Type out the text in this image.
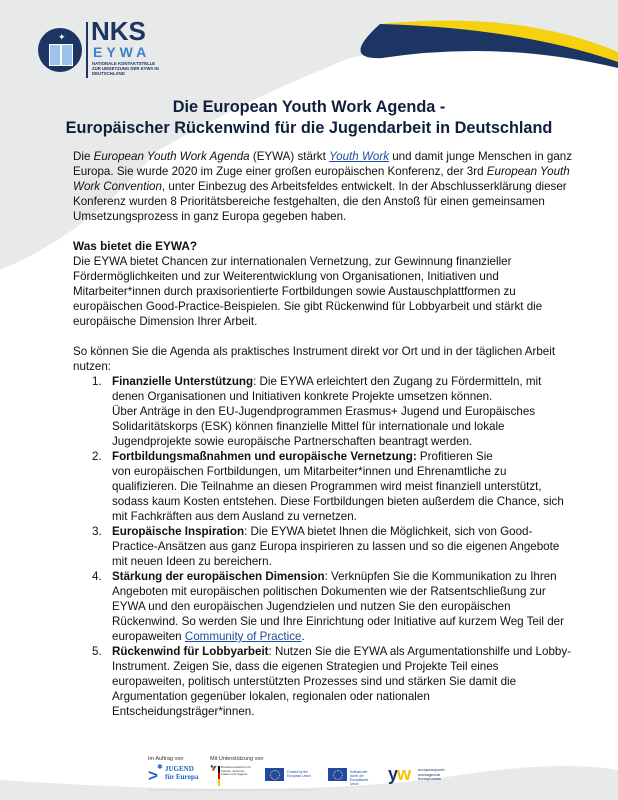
✦ NKS
EYWA
NATIONALE KONTAKTSTELLE ZUR UMSETZUNG DER EYWA IN DEUTSCHLAND
Die European Youth Work Agenda -
Europäischer Rückenwind für die Jugendarbeit in Deutschland

Die European Youth Work Agenda (EYWA) stärkt Youth Work und damit junge Menschen in ganz Europa. Sie wurde 2020 im Zuge einer großen europäischen Konferenz, der 3rd European Youth Work Convention, unter Einbezug des Arbeitsfeldes entwickelt. In der Abschlusserklärung dieser Konferenz wurden 8 Prioritätsbereiche festgehalten, die den Anstoß für einen gemeinsamen Umsetzungsprozess in ganz Europa gegeben haben.

Was bietet die EYWA?

Die EYWA bietet Chancen zur internationalen Vernetzung, zur Gewinnung finanzieller Fördermöglichkeiten und zur Weiterentwicklung von Organisationen, Initiativen und Mitarbeiter*innen durch praxisorientierte Fortbildungen sowie Austauschplattformen zu europäischen Good-Practice-Beispielen. Sie gibt Rückenwind für Lobbyarbeit und stärkt die europäische Dimension Ihrer Arbeit.

So können Sie die Agenda als praktisches Instrument direkt vor Ort und in der täglichen Arbeit nutzen:

1. Finanzielle Unterstützung: Die EYWA erleichtert den Zugang zu Fördermitteln, mit denen Organisationen und Initiativen konkrete Projekte umsetzen können.
Über Anträge in den EU-Jugendprogrammen Erasmus+ Jugend und Europäisches Solidaritätskorps (ESK) können finanzielle Mittel für internationale und lokale Jugendprojekte sowie europäische Partnerschaften beantragt werden.
2. Fortbildungsmaßnahmen und europäische Vernetzung: Profitieren Sie
von europäischen Fortbildungen, um Mitarbeiter*innen und Ehrenamtliche zu qualifizieren. Die Teilnahme an diesen Programmen wird meist finanziell unterstützt, sodass kaum Kosten entstehen. Diese Fortbildungen bieten außerdem die Chance, sich mit Fachkräften aus dem Ausland zu vernetzen.
3. Europäische Inspiration: Die EYWA bietet Ihnen die Möglichkeit, sich von Good-Practice-Ansätzen aus ganz Europa inspirieren zu lassen und so die eigenen Angebote mit neuen Ideen zu bereichern.
4. Stärkung der europäischen Dimension: Verknüpfen Sie die Kommunikation zu Ihren Angeboten mit europäischen politischen Dokumenten wie der Ratsentschließung zur EYWA und den europäischen Jugendzielen und nutzen Sie den europäischen Rückenwind. So werden Sie und Ihre Einrichtung oder Initiative auf kurzem Weg Teil der europaweiten Community of Practice.
5. Rückenwind für Lobbyarbeit: Nutzen Sie die EYWA als Argumentationshilfe und Lobby-Instrument. Zeigen Sie, dass die eigenen Strategien und Projekte Teil eines europaweiten, politisch unterstützten Prozesses sind und stärken Sie damit die Argumentation gegenüber lokalen, regionalen oder nationalen Entscheidungsträger*innen.
Im Auftrag von	Mit Unterstützung von
> ✱ JUGEND
für Europa
🦅 Bundesministerium für Familie, Senioren, Frauen und Jugend	Funded by the European Union
Kofinanziert durch die Europäische Union	y w europeanyouth
workagenda
bonnprocess
